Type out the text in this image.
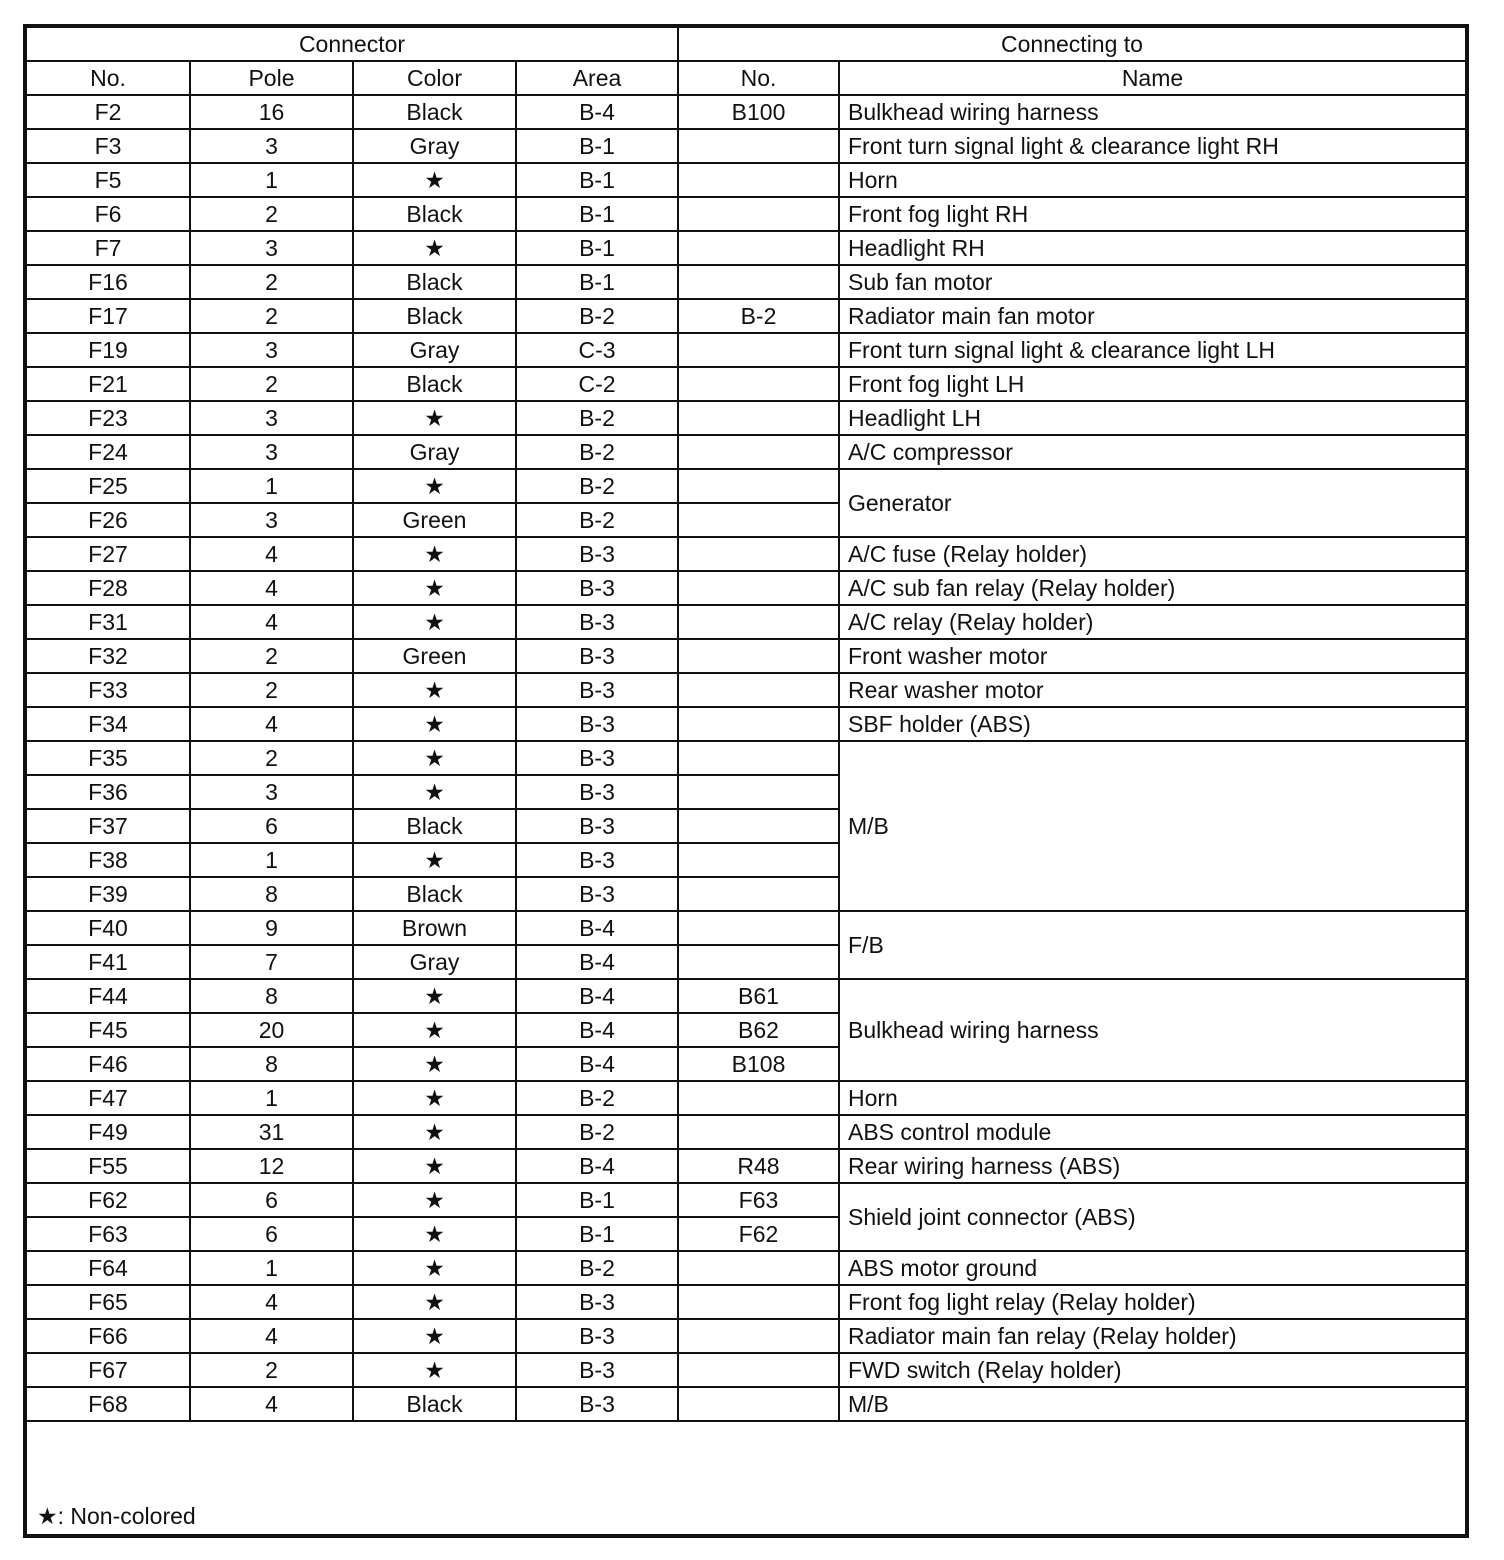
Connector				Connecting to	
No.	Pole	Color	Area	No.	Name
F2	16	Black	B-4	B100	Bulkhead wiring harness
F3	3	Gray	B-1		Front turn signal light & clearance light RH
F5	1	★	B-1		Horn
F6	2	Black	B-1		Front fog light RH
F7	3	★	B-1		Headlight RH
F16	2	Black	B-1		Sub fan motor
F17	2	Black	B-2	B-2	Radiator main fan motor
F19	3	Gray	C-3		Front turn signal light & clearance light LH
F21	2	Black	C-2		Front fog light LH
F23	3	★	B-2		Headlight LH
F24	3	Gray	B-2		A/C compressor
F25	1	★	B-2		Generator
F26	3	Green	B-2		
F27	4	★	B-3		A/C fuse (Relay holder)
F28	4	★	B-3		A/C sub fan relay (Relay holder)
F31	4	★	B-3		A/C relay (Relay holder)
F32	2	Green	B-3		Front washer motor
F33	2	★	B-3		Rear washer motor
F34	4	★	B-3		SBF holder (ABS)
F35	2	★	B-3		M/B
F36	3	★	B-3		
F37	6	Black	B-3		
F38	1	★	B-3		
F39	8	Black	B-3		
F40	9	Brown	B-4		F/B
F41	7	Gray	B-4		
F44	8	★	B-4	B61	Bulkhead wiring harness
F45	20	★	B-4	B62	
F46	8	★	B-4	B108	
F47	1	★	B-2		Horn
F49	31	★	B-2		ABS control module
F55	12	★	B-4	R48	Rear wiring harness (ABS)
F62	6	★	B-1	F63	Shield joint connector (ABS)
F63	6	★	B-1	F62	
F64	1	★	B-2		ABS motor ground
F65	4	★	B-3		Front fog light relay (Relay holder)
F66	4	★	B-3		Radiator main fan relay (Relay holder)
F67	2	★	B-3		FWD switch (Relay holder)
F68	4	Black	B-3		M/B
★: Non-colored
